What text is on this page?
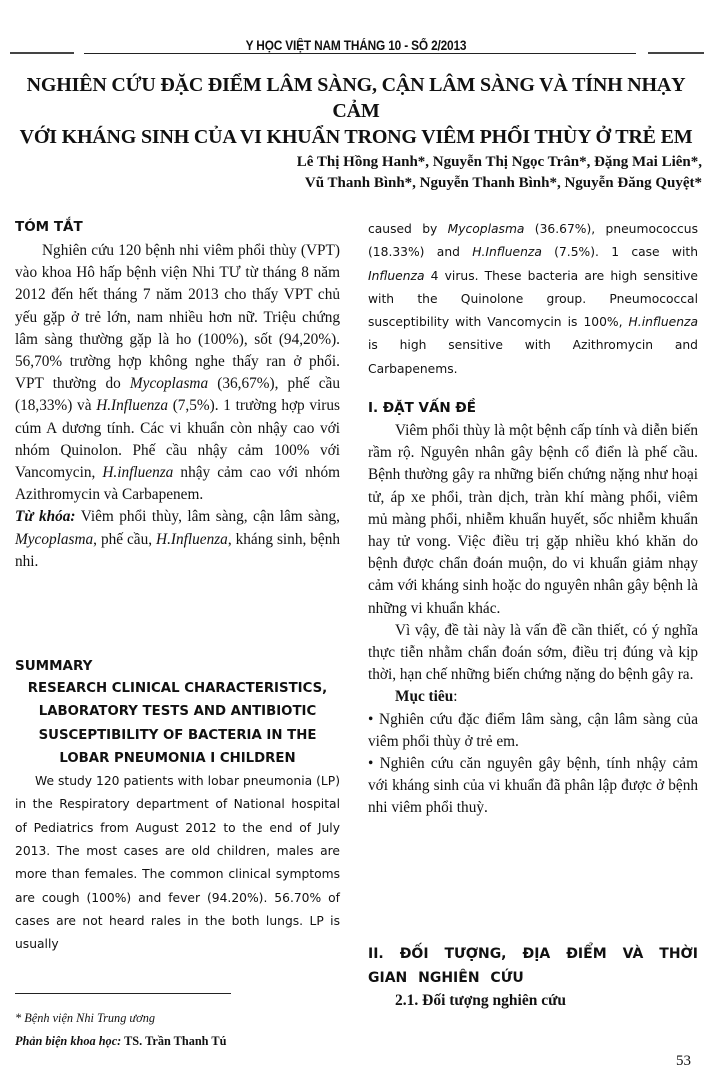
Y HỌC VIỆT NAM THÁNG 10 - SỐ 2/2013
NGHIÊN CỨU ĐẶC ĐIỂM LÂM SÀNG, CẬN LÂM SÀNG VÀ TÍNH NHẠY CẢM
VỚI KHÁNG SINH CỦA VI KHUẨN TRONG VIÊM PHỔI THÙY Ở TRẺ EM
Lê Thị Hồng Hanh*, Nguyễn Thị Ngọc Trân*, Đặng Mai Liên*,
Vũ Thanh Bình*, Nguyễn Thanh Bình*, Nguyễn Đăng Quyệt*
TÓM TẮT

Nghiên cứu 120 bệnh nhi viêm phổi thùy (VPT) vào khoa Hô hấp bệnh viện Nhi TƯ từ tháng 8 năm 2012 đến hết tháng 7 năm 2013 cho thấy VPT chủ yếu gặp ở trẻ lớn, nam nhiều hơn nữ. Triệu chứng lâm sàng thường gặp là ho (100%), sốt (94,20%). 56,70% trường hợp không nghe thấy ran ở phổi. VPT thường do Mycoplasma (36,67%), phế cầu (18,33%) và H.Influenza (7,5%). 1 trường hợp virus cúm A dương tính. Các vi khuẩn còn nhậy cao với nhóm Quinolon. Phế cầu nhậy cảm 100% với Vancomycin, H.influenza nhậy cảm cao với nhóm Azithromycin và Carbapenem.

Từ khóa: Viêm phổi thùy, lâm sàng, cận lâm sàng, Mycoplasma, phế cầu, H.Influenza, kháng sinh, bệnh nhi.

SUMMARY
RESEARCH CLINICAL CHARACTERISTICS,
LABORATORY TESTS AND ANTIBIOTIC
SUSCEPTIBILITY OF BACTERIA IN THE
LOBAR PNEUMONIA I CHILDREN

We study 120 patients with lobar pneumonia (LP) in the Respiratory department of National hospital of Pediatrics from August 2012 to the end of July 2013. The most cases are old children, males are more than females. The common clinical symptoms are cough (100%) and fever (94.20%). 56.70% of cases are not heard rales in the both lungs. LP is usually

* Bệnh viện Nhi Trung ương
Phản biện khoa học: TS. Trần Thanh Tú

caused by Mycoplasma (36.67%), pneumococcus (18.33%) and H.Influenza (7.5%). 1 case with Influenza 4 virus. These bacteria are high sensitive with the Quinolone group. Pneumococcal susceptibility with Vancomycin is 100%, H.influenza is high sensitive with Azithromycin and Carbapenems.

I. ĐẶT VẤN ĐỀ

Viêm phổi thùy là một bệnh cấp tính và diễn biến rầm rộ. Nguyên nhân gây bệnh cổ điển là phế cầu. Bệnh thường gây ra những biến chứng nặng như hoại tử, áp xe phổi, tràn dịch, tràn khí màng phổi, viêm mủ màng phổi, nhiễm khuẩn huyết, sốc nhiễm khuẩn hay tử vong. Việc điều trị gặp nhiều khó khăn do bệnh được chẩn đoán muộn, do vi khuẩn giảm nhạy cảm với kháng sinh hoặc do nguyên nhân gây bệnh là những vi khuẩn khác.

Vì vậy, đề tài này là vấn đề cần thiết, có ý nghĩa thực tiễn nhằm chẩn đoán sớm, điều trị đúng và kịp thời, hạn chế những biến chứng nặng do bệnh gây ra.

Mục tiêu:

• Nghiên cứu đặc điểm lâm sàng, cận lâm sàng của viêm phổi thùy ở trẻ em.

• Nghiên cứu căn nguyên gây bệnh, tính nhậy cảm với kháng sinh của vi khuẩn đã phân lập được ở bệnh nhi viêm phổi thuỳ.

II. ĐỐI TƯỢNG, ĐỊA ĐIỂM VÀ THỜI GIAN NGHIÊN CỨU
2.1. Đối tượng nghiên cứu
53
